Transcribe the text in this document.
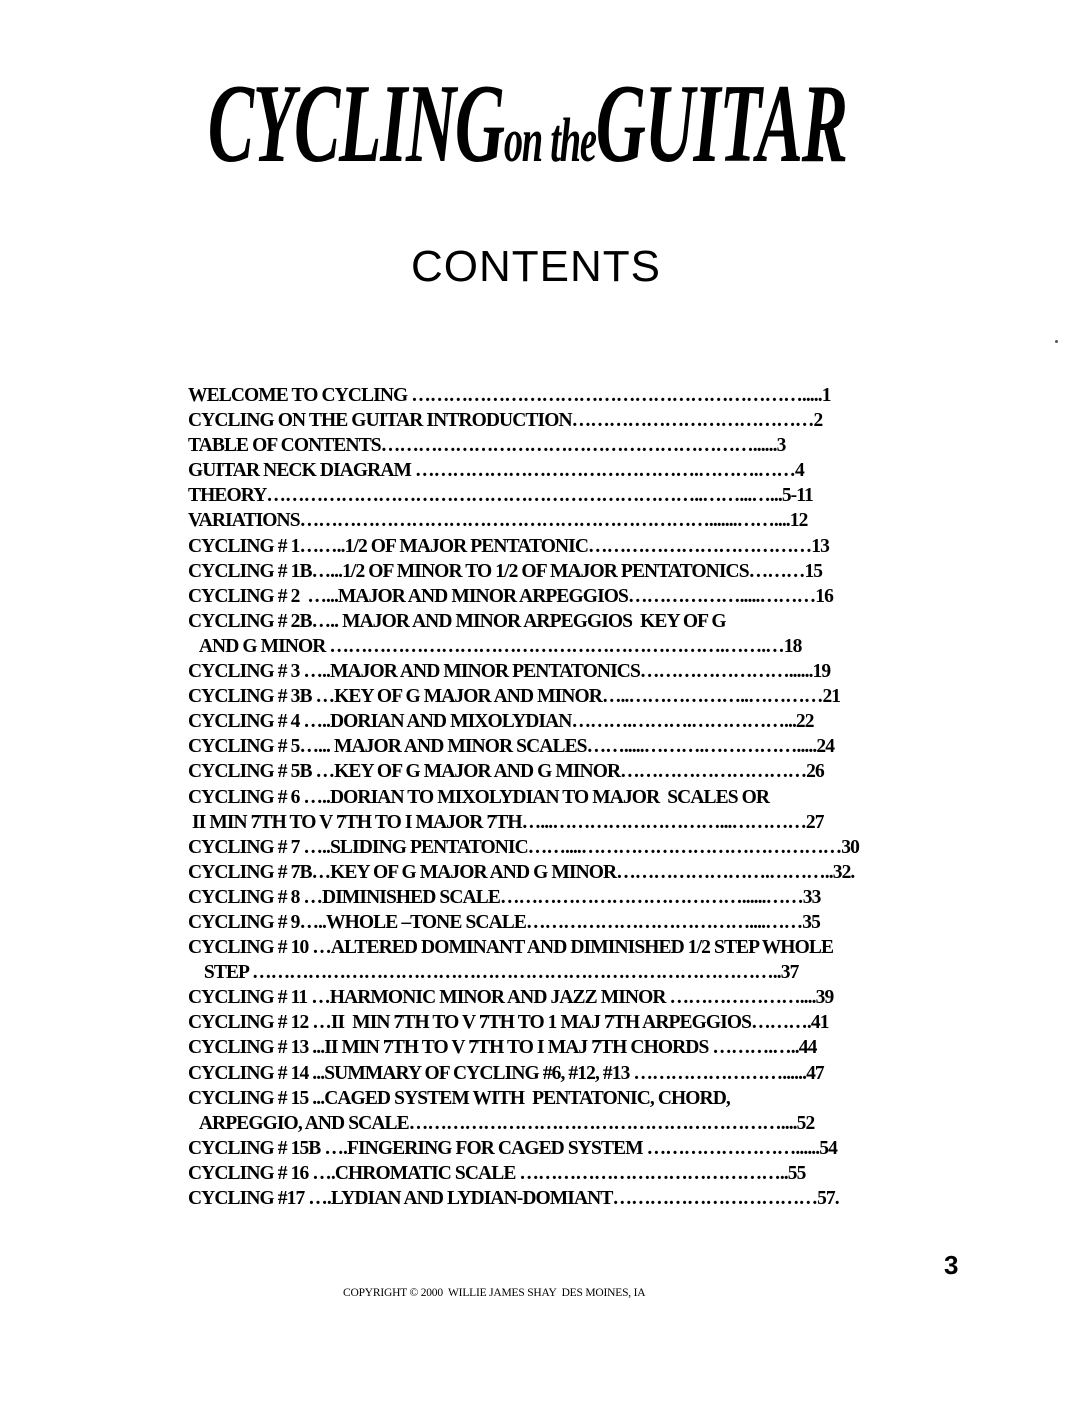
CYCLINGon theGUITAR
CONTENTS
WELCOME TO CYCLING ……………………………………………………….....1
CYCLING ON THE GUITAR INTRODUCTION…………………………………2
TABLE OF CONTENTS……………………………………………………......3
GUITAR NECK DIAGRAM ……………………………………….……….……4
THEORY……………………………………………………………..……...…...5-11
VARIATIONS………………………………………………………….......……....12
CYCLING # 1……..1/2 OF MAJOR PENTATONIC………………………………13
CYCLING # 1B…...1/2 OF MINOR TO 1/2 OF MAJOR PENTATONICS………15
CYCLING # 2  …...MAJOR AND MINOR ARPEGGIOS……………….....………16
CYCLING # 2B….. MAJOR AND MINOR ARPEGGIOS  KEY OF G
AND G MINOR ……………………………………………………….…….…18
CYCLING # 3 …..MAJOR AND MINOR PENTATONICS……………………......19
CYCLING # 3B …KEY OF G MAJOR AND MINOR…..………………..…………21
CYCLING # 4 …..DORIAN AND MIXOLYDIAN……….……….……………...22
CYCLING # 5…... MAJOR AND MINOR SCALES…….....……….…………….....24
CYCLING # 5B …KEY OF G MAJOR AND G MINOR…………………………26
CYCLING # 6 …..DORIAN TO MIXOLYDIAN TO MAJOR  SCALES OR
II MIN 7TH TO V 7TH TO I MAJOR 7TH…...………………………...…………27
CYCLING # 7 …..SLIDING PENTATONIC……....……………………………………30
CYCLING # 7B…KEY OF G MAJOR AND G MINOR…………………….………..32.
CYCLING # 8 …DIMINISHED SCALE…………………………………......……33
CYCLING # 9…..WHOLE –TONE SCALE………………………………....……35
CYCLING # 10 …ALTERED DOMINANT AND DIMINISHED 1/2 STEP WHOLE
STEP …………………………………………………………………………..37
CYCLING # 11 …HARMONIC MINOR AND JAZZ MINOR …………………....39
CYCLING # 12 …II  MIN 7TH TO V 7TH TO 1 MAJ 7TH ARPEGGIOS……….41
CYCLING # 13 ...II MIN 7TH TO V 7TH TO I MAJ 7TH CHORDS ……….…..44
CYCLING # 14 ...SUMMARY OF CYCLING #6, #12, #13 ……………………......47
CYCLING # 15 ...CAGED SYSTEM WITH  PENTATONIC, CHORD,
ARPEGGIO, AND SCALE……………………………………………………....52
CYCLING # 15B ….FINGERING FOR CAGED SYSTEM ……………………......54
CYCLING # 16 ….CHROMATIC SCALE ……………………………………..55
CYCLING #17 ….LYDIAN AND LYDIAN-DOMIANT……………………………57.
3
COPYRIGHT © 2000  WILLIE JAMES SHAY  DES MOINES, IA
